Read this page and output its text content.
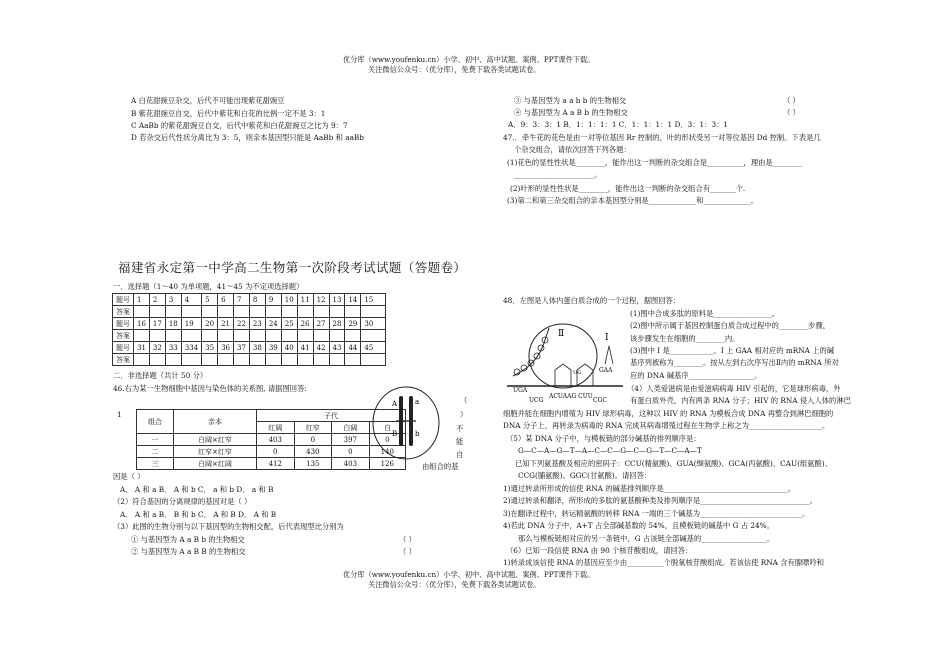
优分库（www.youfenku.cn）小学、初中、高中试题、案例、PPT课件下载。
关注微信公众号：（优分库），免费下载各类试题试卷。
A 白花甜豌豆杂交，后代不可能出现紫花甜豌豆
B 紫花甜豌豆自交，后代中紫花和白花的比例一定不是 3：1
C AaBb 的紫花甜豌豆自交，后代中紫花和白花甜豌豆之比为 9：7
D 若杂交后代性状分离比为 3：5，则亲本基因型只能是 AaBb 和 aaBb
③ 与基因型为 a a b b 的生物相交	（ ）
④ 与基因型为 A a B b 的生物相交	（ ）
A．9：3：3：1 B．1：1：1：1 C．1：1：1：1 D．3：1：3：1
47.．牵牛花的花色是由一对等位基因 Rr 控制的，叶的形状受另一对等位基因 Dd 控制。下表是几
个杂交组合，请依次回答下列各题：
(1)花色的显性性状是________，能作出这一判断的杂交组合是__________，理由是________
______________________。
(2)叶形的显性性状是________，能作出这一判断的杂交组合有_______个.
(3)第二和第三杂交组合的亲本基因型分别是_____________和_____________。
福建省永定第一中学高二生物第一次阶段考试试题（答题卷）
一．选择题（1～40 为单项题，41～45 为不定项选择题）
题号	1	2	3	4	5	6	7	8	9	10	11	12	13	14	15
答案															
题号	16	17	18	19	20	21	22	23	24	25	26	27	28	29	30
答案															
题号	31	32	33	334	35	36	37	38	39	40	41	42	43	44	45
答案															
二．非选择题（共计 50 分）
46.右为某一生物细胞中基因与染色体的关系图, 请据图回答:
1
组合	亲本	子代			
		红阔	红窄	白阔	白
一	白阔×红窄	403	0	397	0
二	红窄×红窄	0	430	0	140
三	白阔×红阔	412	135	403	126
A	a
B	b
（
）
不
能
自
由组合的基
因是（ ）
A． A 和 a B． A 和 b C． a 和 b D． a 和 B
（2）符合基因的分离规律的基因对是（ ）
A． A 和 a B． B 和 b C． A 和 B D． A 和 B
（3）此图的生物分别与以下基因型的生物相交配，后代表现型比分别为
① 与基因型为 A a B b 的生物相交	（ ）
② 与基因型为 A a B B 的生物相交	（ ）
48．左图是人体内蛋白质合成的一个过程，据图回答：
Ⅱ	Ⅰ
GAA
UGA
UCG
ACUAAG CUU
CGC
UG
(1)图中合成多肽的原料是________________。
(2)图中所示属于基因控制蛋白质合成过程中的________步骤，
该步骤发生在细胞的________内。
(3)图中 Ⅰ 是____________。Ⅰ 上 GAA 相对应的 mRNA 上的碱
基序列被称为________。按从左到右次序写出Ⅱ内的 mRNA 所对
应的 DNA 碱基序__________________。
（4）人类爱滋病是由爱滋病病毒 HIV 引起的，它是球形病毒，外
有蛋白质外壳，内有两条 RNA 分子；HIV 的 RNA 侵入人体的淋巴
细胞并能在细胞内增殖为 HIV 球形病毒，这种以 HIV 的 RNA 为模板合成 DNA 再整合到淋巴细胞的
DNA 分子上，再转录为病毒的 RNA 完成其病毒增殖过程在生物学上称之为____________________。
（5）某 DNA 分子中，与模板链的部分碱基的排列顺序是：
G—C—A—G—T—A—C—C—G—C—G—T—C—A—T
已知下列氨基酸及相应的密码子：CCU(精氨酸)、GUA(缬氨酸)、GCA(丙氨酸)、CAU(组氨酸)、
CCG(脯氨酸)、GGC(甘氨酸)。请回答：
1)通过转录所形成的信使 RNA 的碱基排列顺序是__________________________________。
2)通过转录和翻译，所形成的多肽的氨基酸种类及排列顺序是______________________________。
3)在翻译过程中，转运精氨酸的转移 RNA 一端的三个碱基为____________________________。
4)若此 DNA 分子中，A+T 占全部碱基数的 54%，且模板链的碱基中 G 占 24%。
那么与模板链相对应的另一条链中，G 占该链全部碱基的__________________。
（6）已知一段信使 RNA 由 90 个核苷酸组成，请回答：
1)转录成该信使 RNA 的基因应至少由__________个脱氧核苷酸组成。若该信使 RNA 含有腺嘌呤和
优分库（www.youfenku.cn）小学、初中、高中试题、案例、PPT课件下载。
关注微信公众号：（优分库），免费下载各类试题试卷。
